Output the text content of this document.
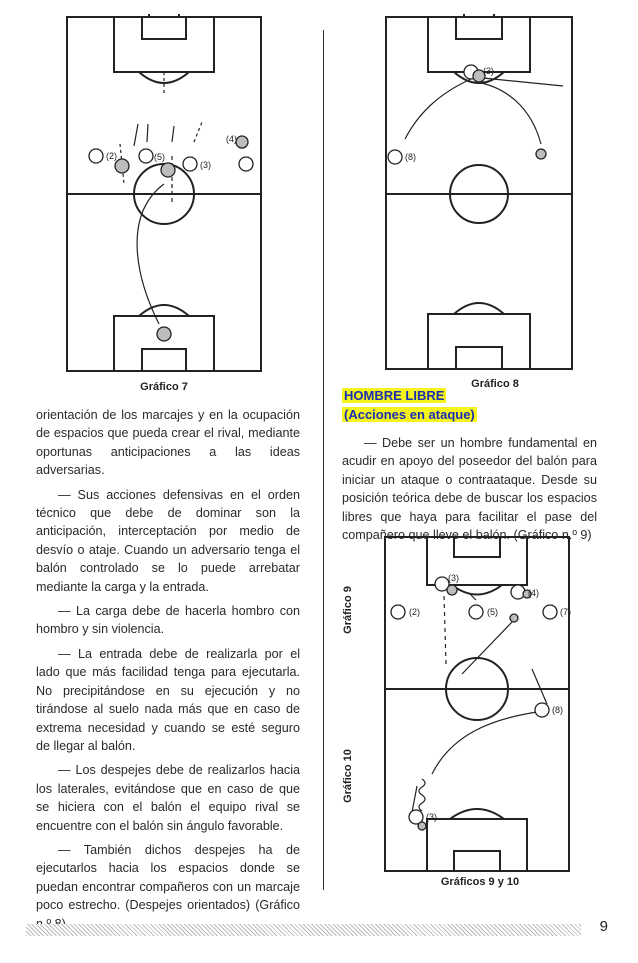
(2)	(5)
(3)
(4)
Gráfico 7
(3)
(8)
Gráfico 8
HOMBRE LIBRE
(Acciones en ataque)

— Debe ser un hombre fundamental en acudir en apoyo del poseedor del balón para iniciar un ataque o contraataque. Desde su posición teórica debe de buscar los espacios libres que haya para facilitar el pase del compañero que lleve el balón. (Gráfico n.º 9)

(3)
(4)
(2)	(5)	(7)
(8)
(3)
Gráfico 9
Gráfico 10
Gráficos 9 y 10

orientación de los marcajes y en la ocupación de espacios que pueda crear el rival, mediante oportunas anticipaciones a las ideas adversarias.

— Sus acciones defensivas en el orden técnico que debe de dominar son la anticipación, interceptación por medio de desvío o ataje. Cuando un adversario tenga el balón controlado se lo puede arrebatar mediante la carga y la entrada.

— La carga debe de hacerla hombro con hombro y sin violencia.

— La entrada debe de realizarla por el lado que más facilidad tenga para ejecutarla. No precipitándose en su ejecución y no tirándose al suelo nada más que en caso de extrema necesidad y cuando se esté seguro de llegar al balón.

— Los despejes debe de realizarlos hacia los laterales, evitándose que en caso de que se hiciera con el balón el equipo rival se encuentre con el balón sin ángulo favorable.

— También dichos despejes ha de ejecutarlos hacia los espacios donde se puedan encontrar compañeros con un marcaje poco estrecho. (Despejes orientados) (Gráfico

9
